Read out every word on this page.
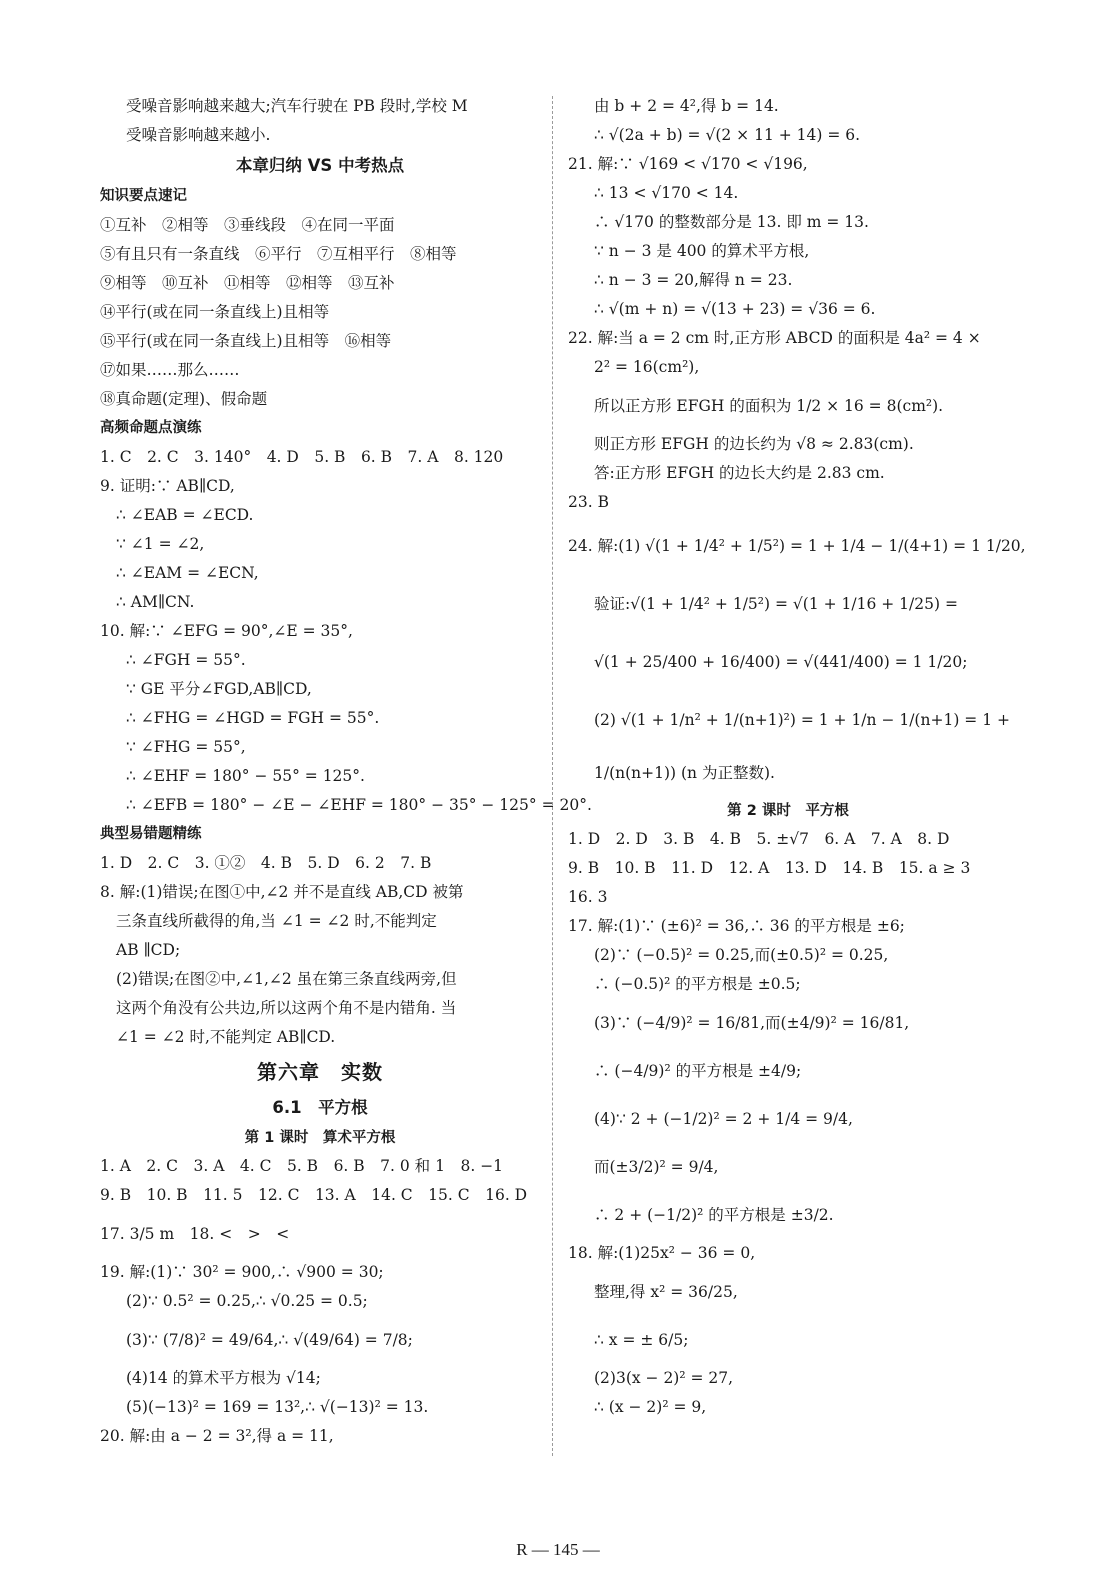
受噪音影响越来越大;汽车行驶在 PB 段时,学校 M
受噪音影响越来越小.
本章归纳 VS 中考热点
知识要点速记
①互补　②相等　③垂线段　④在同一平面
⑤有且只有一条直线　⑥平行　⑦互相平行　⑧相等
⑨相等　⑩互补　⑪相等　⑫相等　⑬互补
⑭平行(或在同一条直线上)且相等
⑮平行(或在同一条直线上)且相等　⑯相等
⑰如果……那么……
⑱真命题(定理)、假命题
高频命题点演练
1. C　2. C　3. 140°　4. D　5. B　6. B　7. A　8. 120
9. 证明:∵ AB∥CD,
∴ ∠EAB = ∠ECD.
∵ ∠1 = ∠2,
∴ ∠EAM = ∠ECN,
∴ AM∥CN.
10. 解:∵ ∠EFG = 90°,∠E = 35°,
∴ ∠FGH = 55°.
∵ GE 平分∠FGD,AB∥CD,
∴ ∠FHG = ∠HGD = FGH = 55°.
∵ ∠FHG = 55°,
∴ ∠EHF = 180° − 55° = 125°.
∴ ∠EFB = 180° − ∠E − ∠EHF = 180° − 35° − 125° = 20°.
典型易错题精练
1. D　2. C　3. ①②　4. B　5. D　6. 2　7. B
8. 解:(1)错误;在图①中,∠2 并不是直线 AB,CD 被第
三条直线所截得的角,当 ∠1 = ∠2 时,不能判定
AB ∥CD;
(2)错误;在图②中,∠1,∠2 虽在第三条直线两旁,但
这两个角没有公共边,所以这两个角不是内错角. 当
∠1 = ∠2 时,不能判定 AB∥CD.
第六章　实数
6.1　平方根
第 1 课时　算术平方根
1. A　2. C　3. A　4. C　5. B　6. B　7. 0 和 1　8. −1
9. B　10. B　11. 5　12. C　13. A　14. C　15. C　16. D
17. 3/5 m　18. <　>　<
19. 解:(1)∵ 30² = 900,∴ √900 = 30;
(2)∵ 0.5² = 0.25,∴ √0.25 = 0.5;
(3)∵ (7/8)² = 49/64,∴ √(49/64) = 7/8;
(4)14 的算术平方根为 √14;
(5)(−13)² = 169 = 13²,∴ √(−13)² = 13.
20. 解:由 a − 2 = 3²,得 a = 11,
由 b + 2 = 4²,得 b = 14.
∴ √(2a + b) = √(2 × 11 + 14) = 6.
21. 解:∵ √169 < √170 < √196,
∴ 13 < √170 < 14.
∴ √170 的整数部分是 13. 即 m = 13.
∵ n − 3 是 400 的算术平方根,
∴ n − 3 = 20,解得 n = 23.
∴ √(m + n) = √(13 + 23) = √36 = 6.
22. 解:当 a = 2 cm 时,正方形 ABCD 的面积是 4a² = 4 ×
2² = 16(cm²),
所以正方形 EFGH 的面积为 1/2 × 16 = 8(cm²).
则正方形 EFGH 的边长约为 √8 ≈ 2.83(cm).
答:正方形 EFGH 的边长大约是 2.83 cm.
23. B
24. 解:(1) √(1 + 1/4² + 1/5²) = 1 + 1/4 − 1/(4+1) = 1 1/20,
验证:√(1 + 1/4² + 1/5²) = √(1 + 1/16 + 1/25) =
√(1 + 25/400 + 16/400) = √(441/400) = 1 1/20;
(2) √(1 + 1/n² + 1/(n+1)²) = 1 + 1/n − 1/(n+1) = 1 +
1/(n(n+1)) (n 为正整数).
第 2 课时　平方根
1. D　2. D　3. B　4. B　5. ±√7　6. A　7. A　8. D
9. B　10. B　11. D　12. A　13. D　14. B　15. a ≥ 3
16. 3
17. 解:(1)∵ (±6)² = 36,∴ 36 的平方根是 ±6;
(2)∵ (−0.5)² = 0.25,而(±0.5)² = 0.25,
∴ (−0.5)² 的平方根是 ±0.5;
(3)∵ (−4/9)² = 16/81,而(±4/9)² = 16/81,
∴ (−4/9)² 的平方根是 ±4/9;
(4)∵ 2 + (−1/2)² = 2 + 1/4 = 9/4,
而(±3/2)² = 9/4,
∴ 2 + (−1/2)² 的平方根是 ±3/2.
18. 解:(1)25x² − 36 = 0,
整理,得 x² = 36/25,
∴ x = ± 6/5;
(2)3(x − 2)² = 27,
∴ (x − 2)² = 9,
R — 145 —
